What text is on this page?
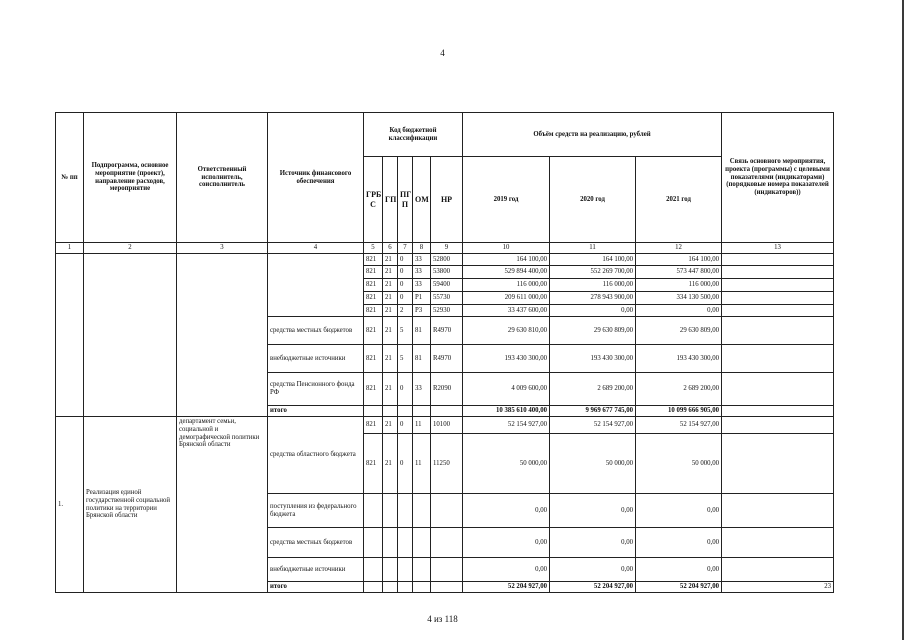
4
№ пп	Подпрограмма, основное мероприятие (проект), направление расходов, мероприятие	Ответственный исполнитель, соисполнитель	Источник финансового обеспечения	Код бюджетной классификации					Объём средств на реализацию, рублей			Связь основного мероприятия, проекта (программы) с целевыми показателями (индикаторами) (порядковые номера показателей (индикаторов))
				ГРБ С	ГП	ПГ П	ОМ	НР	2019 год	2020 год	2021 год	
1	2	3	4	5	6	7	8	9	10	11	12	13
				821	21	0	33	52800	164 100,00	164 100,00	164 100,00	
				821	21	0	33	53800	529 894 400,00	552 269 700,00	573 447 800,00	
				821	21	0	33	59400	116 000,00	116 000,00	116 000,00	
				821	21	0	P1	55730	209 611 000,00	278 943 900,00	334 130 500,00	
				821	21	2	P3	52930	33 437 600,00	0,00	0,00	
			средства местных бюджетов	821	21	5	81	R4970	29 630 810,00	29 630 809,00	29 630 809,00	
			внебюджетные источники	821	21	5	81	R4970	193 430 300,00	193 430 300,00	193 430 300,00	
			средства Пенсионного фонда РФ	821	21	0	33	R2090	4 009 600,00	2 689 200,00	2 689 200,00	
			итого						10 385 610 400,00	9 969 677 745,00	10 099 666 905,00	
1.	Реализация единой государственной социальной политики на территории Брянской области	департамент семьи, социальной и демографической политики Брянской области	средства областного бюджета	821	21	0	11	10100	52 154 927,00	52 154 927,00	52 154 927,00	
				821	21	0	11	11250	50 000,00	50 000,00	50 000,00	
			поступления из федерального бюджета						0,00	0,00	0,00	
			средства местных бюджетов						0,00	0,00	0,00	
			внебюджетные источники						0,00	0,00	0,00	
			итого						52 204 927,00	52 204 927,00	52 204 927,00	23
4 из 118
